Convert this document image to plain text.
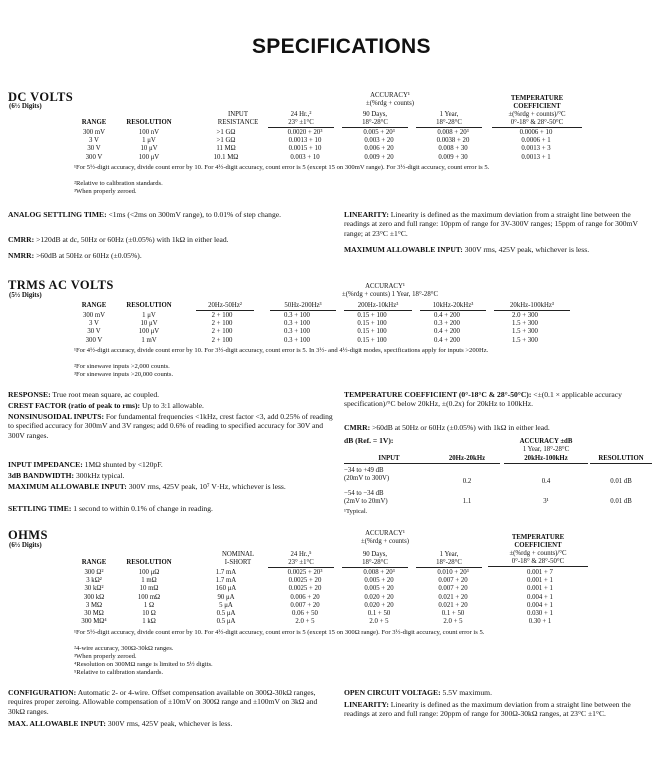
SPECIFICATIONS
DC VOLTS
(6½ Digits)
ACCURACY¹
±(%rdg + counts)
TEMPERATURE
COEFFICIENT
±(%rdg + counts)/°C
0°-18° & 28°-50°C
INPUT
RANGE	RESOLUTION	RESISTANCE
24 Hr.,²
23° ±1°C
90 Days,
18°-28°C
1 Year,
18°-28°C
300 mV	100 nV	>1 GΩ	0.0020 + 20³	0.005 + 20³	0.008 + 20³	0.0006 + 10
3 V	1 μV	>1 GΩ	0.0013 + 10	0.003 + 20	0.0038 + 20	0.0006 + 1
30 V	10 μV	11 MΩ	0.0015 + 10	0.006 + 20	0.008 + 30	0.0013 + 3
300 V	100 μV	10.1 MΩ	0.003 + 10	0.009 + 20	0.009 + 30	0.0013 + 1
¹For 5½-digit accuracy, divide count error by 10. For 4½-digit accuracy, count error is 5 (except 15 on 300mV range). For 3½-digit accuracy, count error is 5.
²Relative to calibration standards.
³When properly zeroed.
ANALOG SETTLING TIME: <1ms (<2ms on 300mV range), to 0.01% of step change.
CMRR: >120dB at dc, 50Hz or 60Hz (±0.05%) with 1kΩ in either lead.
NMRR: >60dB at 50Hz or 60Hz (±0.05%).
LINEARITY: Linearity is defined as the maximum deviation from a straight line between the readings at zero and full range: 10ppm of range for 3V-300V ranges; 15ppm of range for 300mV range; at 23°C ±1°C.
MAXIMUM ALLOWABLE INPUT: 300V rms, 425V peak, whichever is less.
TRMS AC VOLTS
(5½ Digits)
ACCURACY¹
±(%rdg + counts) 1 Year, 18°-28°C
RANGE	RESOLUTION	20Hz-50Hz²	50Hz-200Hz³	200Hz-10kHz³	10kHz-20kHz³	20kHz-100kHz³
300 mV	1 μV	2 + 100	0.3 + 100	0.15 + 100	0.4 + 200	2.0 + 300
3 V	10 μV	2 + 100	0.3 + 100	0.15 + 100	0.3 + 200	1.5 + 300
30 V	100 μV	2 + 100	0.3 + 100	0.15 + 100	0.4 + 200	1.5 + 300
300 V	1 mV	2 + 100	0.3 + 100	0.15 + 100	0.4 + 200	1.5 + 300
¹For 4½-digit accuracy, divide count error by 10. For 3½-digit accuracy, count error is 5. In 3½- and 4½-digit modes, specifications apply for inputs >200Hz.
²For sinewave inputs >2,000 counts.
³For sinewave inputs >20,000 counts.
RESPONSE: True root mean square, ac coupled.
CREST FACTOR (ratio of peak to rms): Up to 3:1 allowable.
NONSINUSOIDAL INPUTS: For fundamental frequencies <1kHz, crest factor <3, add 0.25% of reading to specified accuracy for 300mV and 3V ranges; add 0.6% of reading to specified accuracy for 30V and 300V ranges.
INPUT IMPEDANCE: 1MΩ shunted by <120pF.
3dB BANDWIDTH: 300kHz typical.
MAXIMUM ALLOWABLE INPUT: 300V rms, 425V peak, 10⁷ V·Hz, whichever is less.
SETTLING TIME: 1 second to within 0.1% of change in reading.
TEMPERATURE COEFFICIENT (0°-18°C & 28°-50°C): <±(0.1 × applicable accuracy specification)/°C below 20kHz, ±(0.2x) for 20kHz to 100kHz.
CMRR: >60dB at 50Hz or 60Hz (±0.05%) with 1kΩ in either lead.
dB (Ref. = 1V):	ACCURACY ±dB
1 Year, 18°-28°C
INPUT	20Hz-20kHz	20kHz-100kHz	RESOLUTION
−34 to +49 dB
(20mV to 300V)	0.2	0.4	0.01 dB
−54 to −34 dB
(2mV to 20mV)	1.1	3¹	0.01 dB
¹Typical.
OHMS
(6½ Digits)
ACCURACY¹
±(%rdg + counts)
TEMPERATURE
COEFFICIENT
±(%rdg + counts)/°C
0°-18° & 28°-50°C
NOMINAL
RANGE	RESOLUTION	I-SHORT
24 Hr.,⁵
23° ±1°C
90 Days,
18°-28°C
1 Year,
18°-28°C
300 Ω²	100 μΩ	1.7 mA	0.0025 + 20³	0.008 + 20³	0.010 + 20³	0.001 + 7
3 kΩ²	1 mΩ	1.7 mA	0.0025 + 20	0.005 + 20	0.007 + 20	0.001 + 1
30 kΩ²	10 mΩ	160 μA	0.0025 + 20	0.005 + 20	0.007 + 20	0.001 + 1
300 kΩ	100 mΩ	90 μA	0.006 + 20	0.020 + 20	0.021 + 20	0.004 + 1
3 MΩ	1 Ω	5 μA	0.007 + 20	0.020 + 20	0.021 + 20	0.004 + 1
30 MΩ	10 Ω	0.5 μA	0.06 + 50	0.1 + 50	0.1 + 50	0.030 + 1
300 MΩ⁴	1 kΩ	0.5 μA	2.0 + 5	2.0 + 5	2.0 + 5	0.30 + 1
¹For 5½-digit accuracy, divide count error by 10. For 4½-digit accuracy, count error is 5 (except 15 on 300Ω range). For 3½-digit accuracy, count error is 5.
²4-wire accuracy, 300Ω-30kΩ ranges.
³When properly zeroed.
⁴Resolution on 300MΩ range is limited to 5½ digits.
⁵Relative to calibration standards.
CONFIGURATION: Automatic 2- or 4-wire. Offset compensation available on 300Ω-30kΩ ranges, requires proper zeroing. Allowable compensation of ±10mV on 300Ω range and ±100mV on 3kΩ and 30kΩ ranges.
MAX. ALLOWABLE INPUT: 300V rms, 425V peak, whichever is less.
OPEN CIRCUIT VOLTAGE: 5.5V maximum.
LINEARITY: Linearity is defined as the maximum deviation from a straight line between the readings at zero and full range: 20ppm of range for 300Ω-30kΩ ranges, at 23°C ±1°C.
